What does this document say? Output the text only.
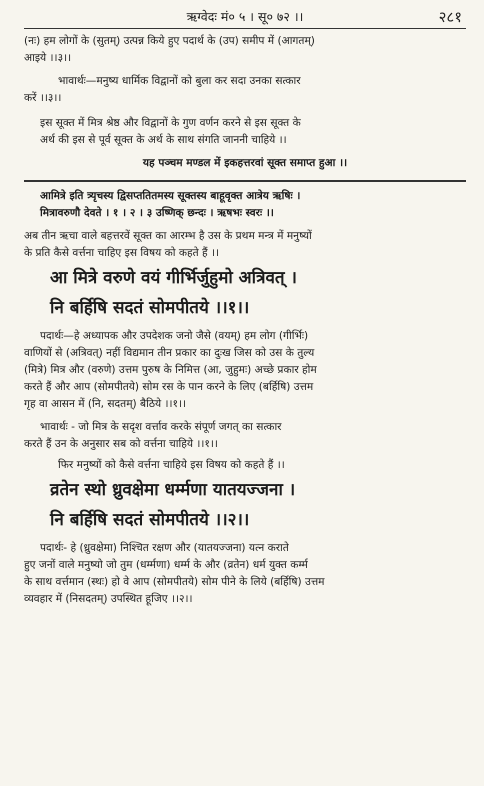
ऋग्वेदः मं० ५ । सू० ७२ ।।	२८१

(नः) हम लोगों के (सुतम्) उत्पन्न किये हुए पदार्थ के (उप) समीप में (आगतम्)

आइये ।।३।।

भावार्थः—मनुष्य धार्मिक विद्वानों को बुला कर सदा उनका सत्कार

करें ।।३।।

इस सूक्त में मित्र श्रेष्ठ और विद्वानों के गुण वर्णन करने से इस सूक्त के

अर्थ की इस से पूर्व सूक्त के अर्थ के साथ संगति जाननी चाहिये ।।

यह पञ्चम मण्डल में इकहत्तरवां सूक्त समाप्त हुआ ।।

आमित्रे इति त्र्यृचस्य द्विसप्ततितमस्य सूक्तस्य बाहूवृक्त आत्रेय ऋषिः ।

मित्रावरुणौ देवते । १ । २ । ३ उष्णिक् छन्दः । ऋषभः स्वरः ।।

अब तीन ऋचा वाले बहत्तरवें सूक्त का आरम्भ है उस के प्रथम मन्त्र में मनुष्यों

के प्रति कैसे वर्त्तना चाहिए इस विषय को कहते हैं ।।

आ मित्रे वरुणे वयं गीर्भिर्जुहुमो अत्रिवत् ।

नि बर्हिषि सदतं सोमपीतये ।।१।।

पदार्थः—हे अध्यापक और उपदेशक जनो जैसे (वयम्) हम लोग (गीर्भिः)

वाणियों से (अत्रिवत्) नहीं विद्यमान तीन प्रकार का दुःख जिस को उस के तुल्य

(मित्रे) मित्र और (वरुणे) उत्तम पुरुष के निमित्त (आ, जुहुमः) अच्छे प्रकार होम

करते हैं और आप (सोमपीतये) सोम रस के पान करने के लिए (बर्हिषि) उत्तम

गृह वा आसन में (नि, सदतम्) बैठिये ।।१।।

भावार्थः - जो मित्र के सदृश वर्त्ताव करके संपूर्ण जगत् का सत्कार

करते हैं उन के अनुसार सब को वर्त्तना चाहिये ।।१।।

फिर मनुष्यों को कैसे वर्त्तना चाहिये इस विषय को कहते हैं ।।

व्रतेन स्थो ध्रुवक्षेमा धर्म्मणा यातयज्जना ।

नि बर्हिषि सदतं सोमपीतये ।।२।।

पदार्थः- हे (ध्रुवक्षेमा) निश्चित रक्षण और (यातयज्जना) यत्न कराते

हुए जनों वाले मनुष्यो जो तुम (धर्म्मणा) धर्म्म के और (व्रतेन) धर्म युक्त कर्म्म

के साथ वर्त्तमान (स्थः) हो वे आप (सोमपीतये) सोम पीने के लिये (बर्हिषि) उत्तम

व्यवहार में (निसदतम्) उपस्थित हूजिए ।।२।।
